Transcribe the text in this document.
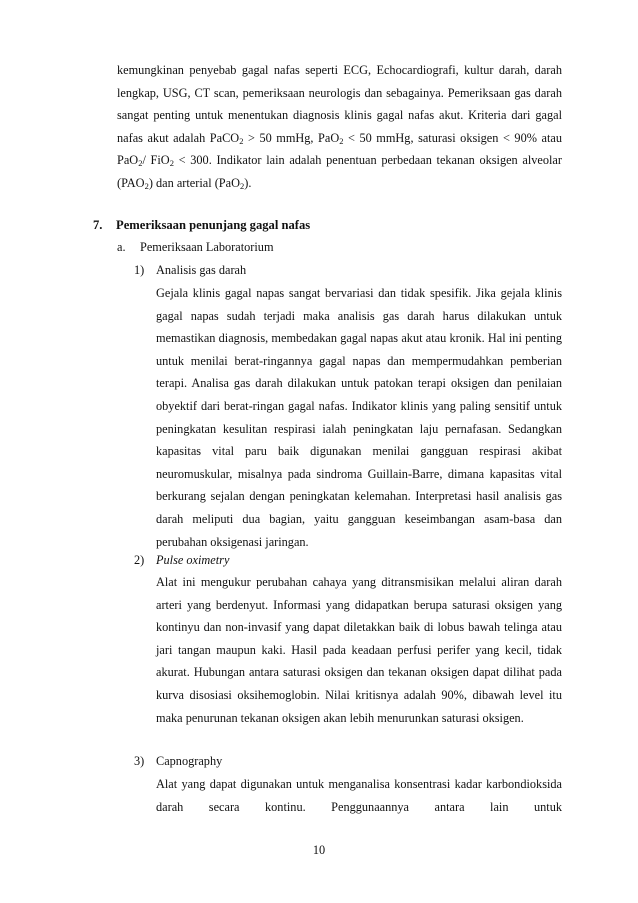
kemungkinan penyebab gagal nafas seperti ECG, Echocardiografi, kultur darah, darah lengkap, USG, CT scan, pemeriksaan neurologis dan sebagainya. Pemeriksaan gas darah sangat penting untuk menentukan diagnosis klinis gagal nafas akut. Kriteria dari gagal nafas akut adalah PaCO$_2$ > 50 mmHg, PaO$_2$ < 50 mmHg, saturasi oksigen < 90% atau PaO$_2$/ FiO$_2$ < 300. Indikator lain adalah penentuan perbedaan tekanan oksigen alveolar $(PAO_2)$ dan arterial (PaO$_2$).
7. Pemeriksaan penunjang gagal nafas
a. Pemeriksaan Laboratorium
1) Analisis gas darah
Gejala klinis gagal napas sangat bervariasi dan tidak spesifik. Jika gejala klinis gagal napas sudah terjadi maka analisis gas darah harus dilakukan untuk memastikan diagnosis, membedakan gagal napas akut atau kronik. Hal ini penting untuk menilai berat-ringannya gagal napas dan mempermudahkan pemberian terapi. Analisa gas darah dilakukan untuk patokan terapi oksigen dan penilaian obyektif dari berat-ringan gagal nafas. Indikator klinis yang paling sensitif untuk peningkatan kesulitan respirasi ialah peningkatan laju pernafasan. Sedangkan kapasitas vital paru baik digunakan menilai gangguan respirasi akibat neuromuskular, misalnya pada sindroma Guillain-Barre, dimana kapasitas vital berkurang sejalan dengan peningkatan kelemahan. Interpretasi hasil analisis gas darah meliputi dua bagian, yaitu gangguan keseimbangan asam-basa dan perubahan oksigenasi jaringan.
2) Pulse oximetry
Alat ini mengukur perubahan cahaya yang ditransmisikan melalui aliran darah arteri yang berdenyut. Informasi yang didapatkan berupa saturasi oksigen yang kontinyu dan non-invasif yang dapat diletakkan baik di lobus bawah telinga atau jari tangan maupun kaki. Hasil pada keadaan perfusi perifer yang kecil, tidak akurat. Hubungan antara saturasi oksigen dan tekanan oksigen dapat dilihat pada kurva disosiasi oksihemoglobin. Nilai kritisnya adalah 90%, dibawah level itu maka penurunan tekanan oksigen akan lebih menurunkan saturasi oksigen.
3) Capnography
Alat yang dapat digunakan untuk menganalisa konsentrasi kadar karbondioksida darah secara kontinu. Penggunaannya antara lain untuk
10
